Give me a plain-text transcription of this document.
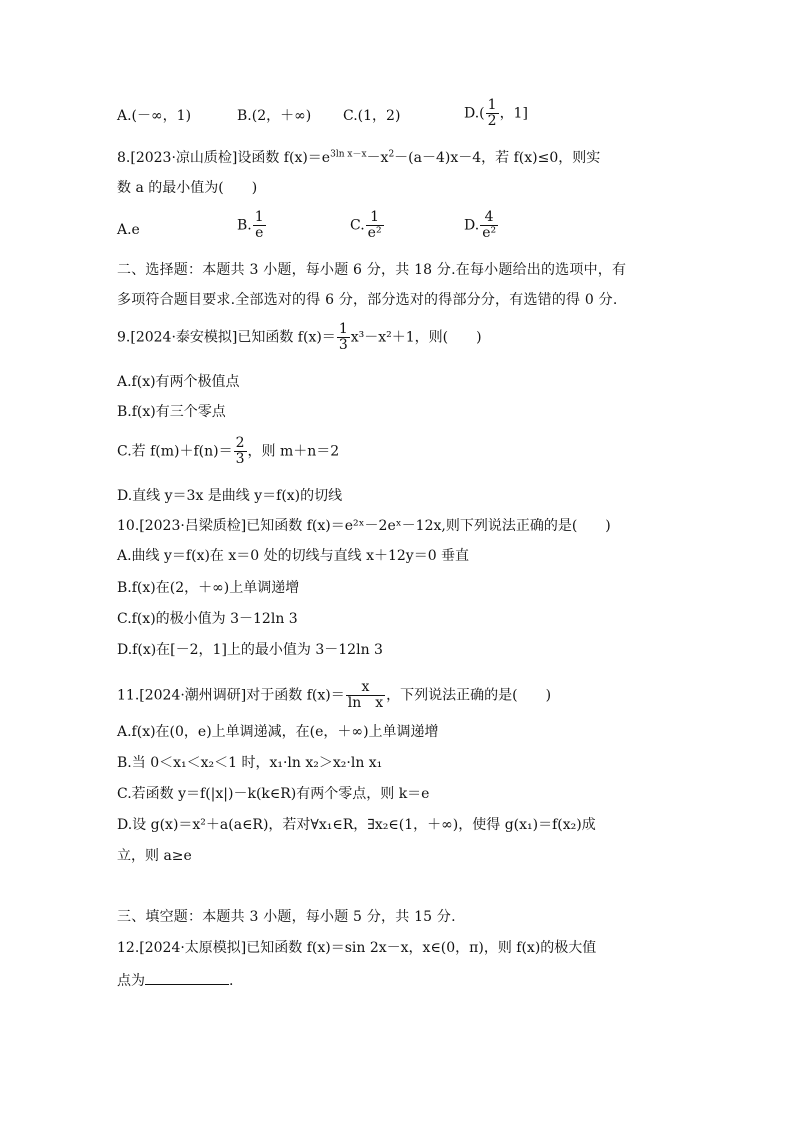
A.(－∞，1)	B.(2，＋∞) C.(1，2)	$D.( \frac{1}{2}$ ，1]
8.[2023·凉山质检]设函数 $f(x)=e^{3ln x-x}-x^2-(a-4)x-4$，若 f(x)≤0，则实
数 a 的最小值为(　　)
A.e	B. $\frac{1}{e}$	C. $\frac{1}{\text{e²}}$	D. $\frac{4}{\text{e²}}$
二、选择题：本题共 3 小题，每小题 6 分，共 18 分.在每小题给出的选项中，有
多项符合题目要求.全部选对的得 6 分，部分选对的得部分分，有选错的得 0 分.
9.[2024·泰安模拟]已知函数 $f(x)= \frac{1}{3} x^3-x^2+1$，则(　　)
A.f(x)有两个极值点
B.f(x)有三个零点
C.若 $f(m)+f(n)= \frac{2}{3}$ ，则 m＋n＝2
D.直线 y＝3x 是曲线 y＝f(x)的切线
10.[2023·吕梁质检]已知函数 f(x)＝e²ˣ－2eˣ－12x,则下列说法正确的是(　　)
A.曲线 y＝f(x)在 x＝0 处的切线与直线 x＋12y＝0 垂直
B.f(x)在(2，＋∞)上单调递增
C.f(x)的极小值为 3－12ln 3
D.f(x)在[－2，1]上的最小值为 3－12ln 3
11.[2024·潮州调研]对于函数 $f(x)= \frac{x}{\text{ln　x}}$ ，下列说法正确的是(　　)
A.f(x)在(0，e)上单调递减，在(e，＋∞)上单调递增
B.当 0＜x₁＜x₂＜1 时，x₁·ln x₂＞x₂·ln x₁
C.若函数 y＝f(|x|)－k(k∈R)有两个零点，则 k＝e
D.设 g(x)＝x²＋a(a∈R)，若对∀x₁∈R，∃x₂∈(1，＋∞)，使得 g(x₁)＝f(x₂)成
立，则 a≥e
三、填空题：本题共 3 小题，每小题 5 分，共 15 分.
12.[2024·太原模拟]已知函数 f(x)＝sin 2x－x，x∈(0，π)，则 f(x)的极大值
点为	.
